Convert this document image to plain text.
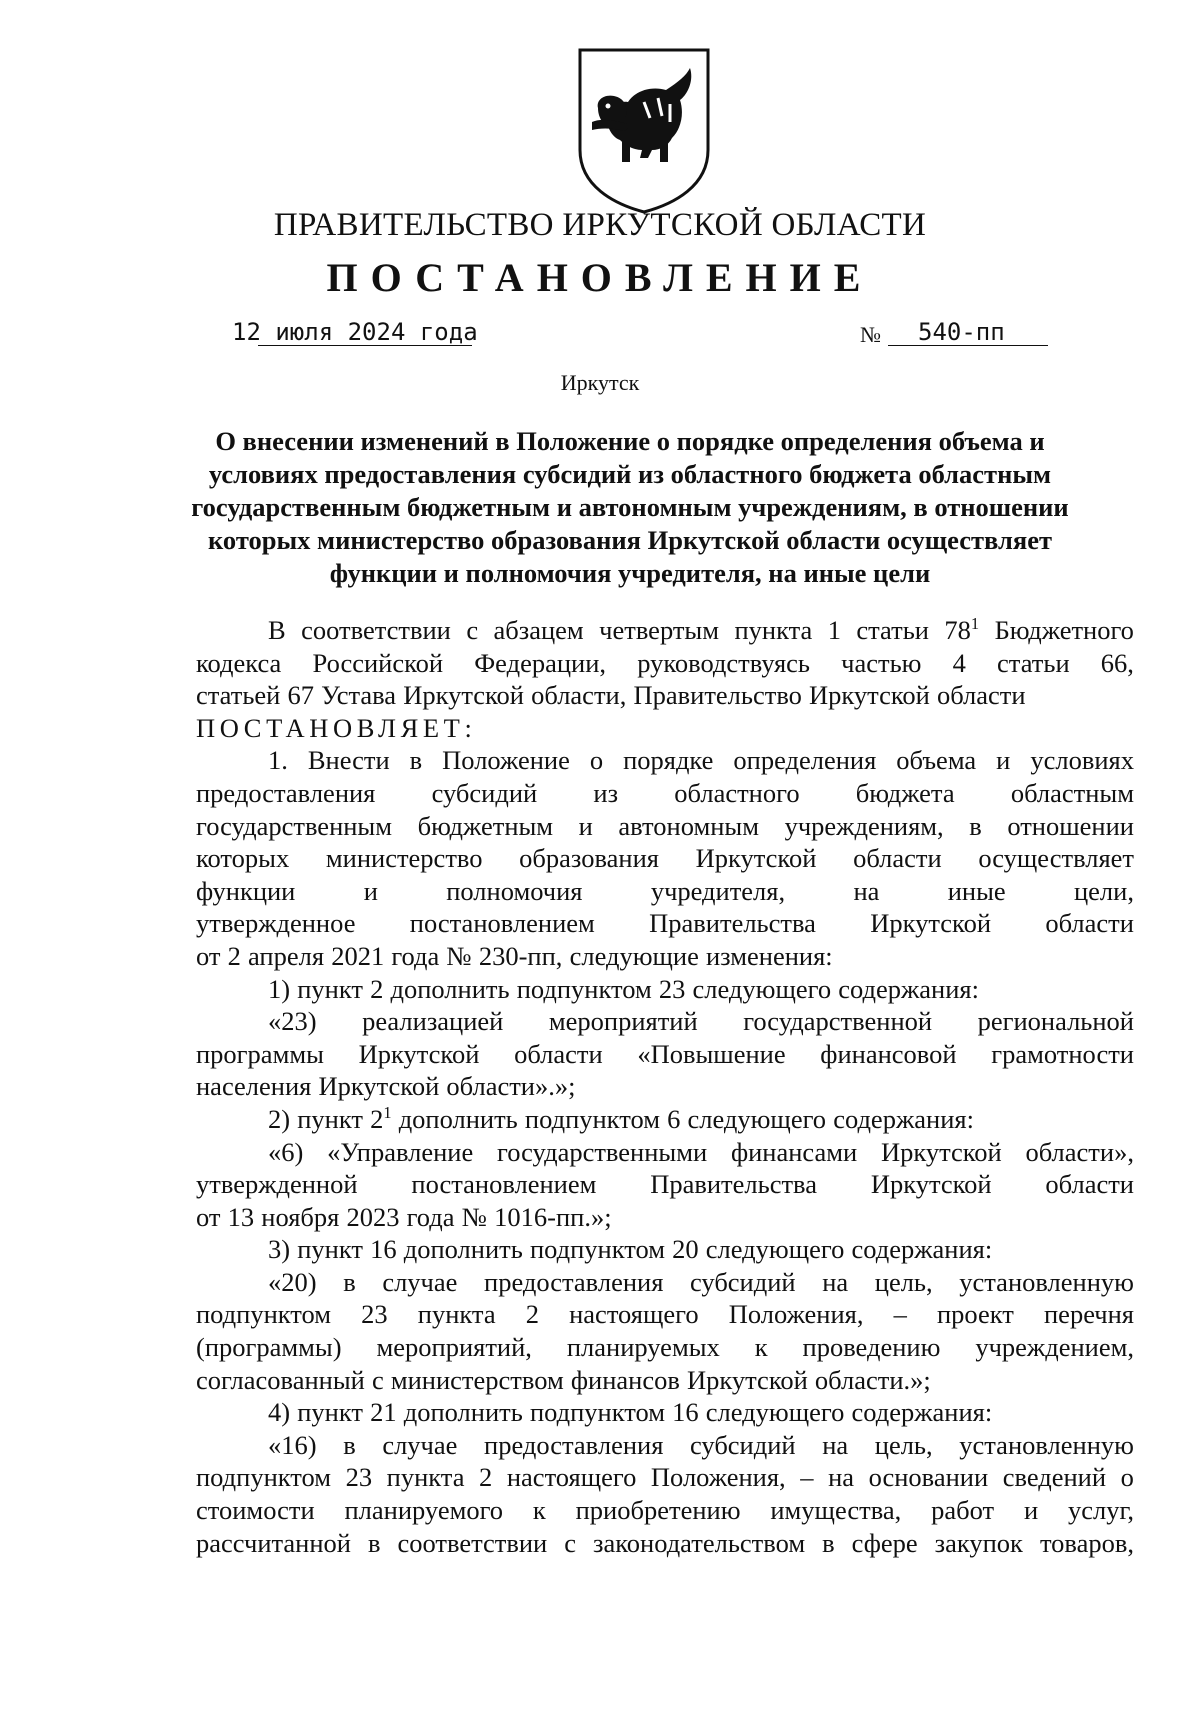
ПРАВИТЕЛЬСТВО ИРКУТСКОЙ ОБЛАСТИ
ПОСТАНОВЛЕНИЕ
12 июля 2024 года	№ 540-пп
Иркутск
О внесении изменений в Положение о порядке определения объема и
условиях предоставления субсидий из областного бюджета областным
государственным бюджетным и автономным учреждениям, в отношении
которых министерство образования Иркутской области осуществляет
функции и полномочия учредителя, на иные цели
В соответствии с абзацем четвертым пункта 1 статьи $78^1$ Бюджетного
кодекса Российской Федерации, руководствуясь частью 4 статьи 66,
статьей 67 Устава Иркутской области, Правительство Иркутской области
ПОСТАНОВЛЯЕТ:
1. Внести в Положение о порядке определения объема и условиях
предоставления субсидий из областного бюджета областным
государственным бюджетным и автономным учреждениям, в отношении
которых министерство образования Иркутской области осуществляет
функции	и	полномочия	учредителя,	на	иные	цели,
утвержденное постановлением Правительства Иркутской области
от 2 апреля 2021 года № 230-пп, следующие изменения:
1) пункт 2 дополнить подпунктом 23 следующего содержания:
«23) реализацией мероприятий государственной региональной
программы Иркутской области «Повышение финансовой грамотности
населения Иркутской области».»;
2) пункт $2^1$ дополнить подпунктом 6 следующего содержания:
«6) «Управление государственными финансами Иркутской области»,
утвержденной постановлением Правительства Иркутской области
от 13 ноября 2023 года № 1016-пп.»;
3) пункт 16 дополнить подпунктом 20 следующего содержания:
«20) в случае предоставления субсидий на цель, установленную
подпунктом 23 пункта 2 настоящего Положения, – проект перечня
(программы) мероприятий, планируемых к проведению учреждением,
согласованный с министерством финансов Иркутской области.»;
4) пункт 21 дополнить подпунктом 16 следующего содержания:
«16) в случае предоставления субсидий на цель, установленную
подпунктом 23 пункта 2 настоящего Положения, – на основании сведений о
стоимости планируемого к приобретению имущества, работ и услуг,
рассчитанной в соответствии с законодательством в сфере закупок товаров,
